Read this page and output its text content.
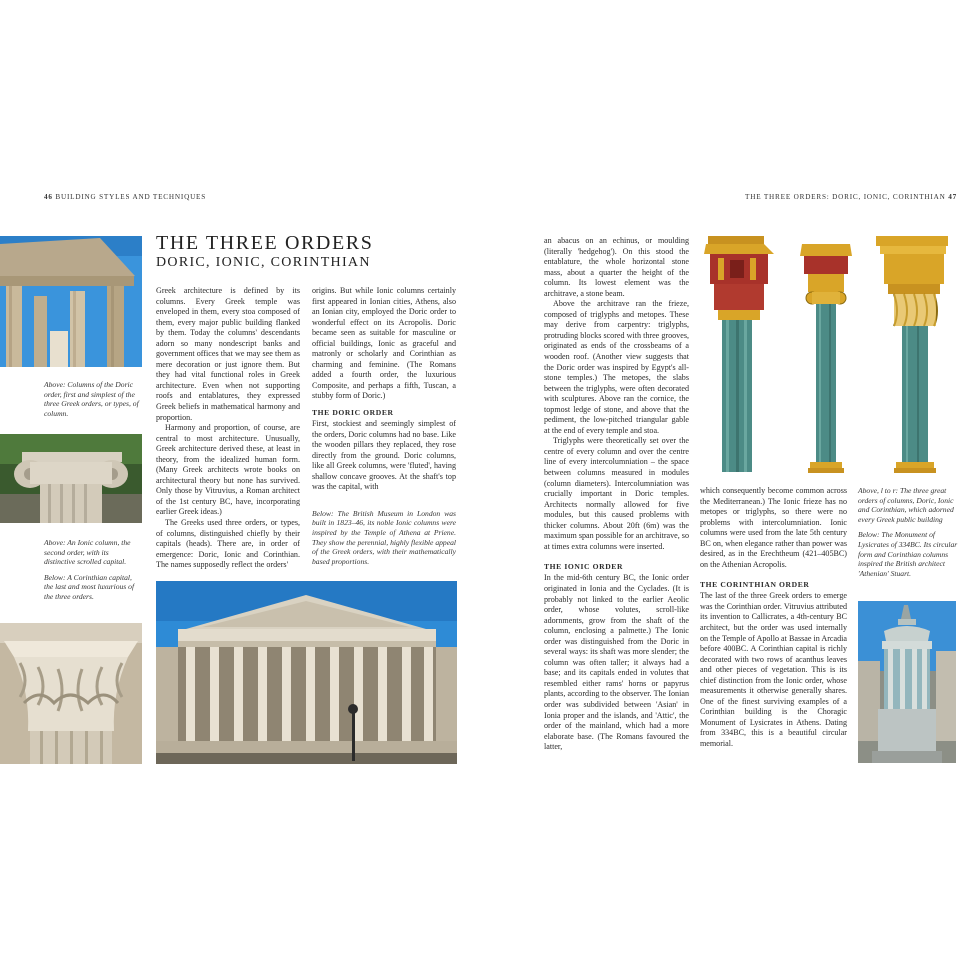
46 BUILDING STYLES AND TECHNIQUES
Above: Columns of the Doric order, first and simplest of the three Greek orders, or types, of column.

Above: An Ionic column, the second order, with its distinctive scrolled capital.

Below: A Corinthian capital, the last and most luxurious of the three orders.

THE THREE ORDERS
DORIC, IONIC, CORINTHIAN

Greek architecture is defined by its columns. Every Greek temple was enveloped in them, every stoa composed of them, every major public building flanked by them. Today the columns' descendants adorn so many nondescript banks and government offices that we may see them as mere decoration or just ignore them. But they had vital functional roles in Greek architecture. Even when not supporting roofs and entablatures, they expressed Greek beliefs in mathematical harmony and proportion.

Harmony and proportion, of course, are central to most architecture. Unusually, Greek architecture derived these, at least in theory, from the idealized human form. (Many Greek architects wrote books on architectural theory but none has survived. Only those by Vitruvius, a Roman architect of the 1st century BC, have, incorporating earlier Greek ideas.)

The Greeks used three orders, or types, of columns, distinguished chiefly by their capitals (heads). There are, in order of emergence: Doric, Ionic and Corinthian. The names supposedly reflect the orders'

origins. But while Ionic columns certainly first appeared in Ionian cities, Athens, also an Ionian city, employed the Doric order to wonderful effect on its Acropolis. Doric became seen as suitable for masculine or official buildings, Ionic as graceful and matronly or scholarly and Corinthian as charming and feminine. (The Romans added a fourth order, the luxurious Composite, and perhaps a fifth, Tuscan, a stubby form of Doric.)

THE DORIC ORDER

First, stockiest and seemingly simplest of the orders, Doric columns had no base. Like the wooden pillars they replaced, they rose directly from the ground. Doric columns, like all Greek columns, were 'fluted', having shallow concave grooves. At the shaft's top was the capital, with

Below: The British Museum in London was built in 1823–46, its noble Ionic columns were inspired by the Temple of Athena at Priene. They show the perennial, highly flexible appeal of the Greek orders, with their mathematically based proportions.
THE THREE ORDERS: DORIC, IONIC, CORINTHIAN 47

an abacus on an echinus, or moulding (literally 'hedgehog'). On this stood the entablature, the whole horizontal stone mass, about a quarter the height of the column. Its lowest element was the architrave, a stone beam.

Above the architrave ran the frieze, composed of triglyphs and metopes. These may derive from carpentry: triglyphs, protruding blocks scored with three grooves, originated as ends of the crossbeams of a wooden roof. (Another view suggests that the Doric order was inspired by Egypt's all-stone temples.) The metopes, the slabs between the triglyphs, were often decorated with sculptures. Above ran the cornice, the topmost ledge of stone, and above that the pediment, the low-pitched triangular gable at the end of every temple and stoa.

Triglyphs were theoretically set over the centre of every column and over the centre line of every intercolumniation – the space between columns measured in modules (column diameters). Intercolumniation was crucially important in Doric temples. Architects normally allowed for five modules, but this caused problems with thicker columns. About 20ft (6m) was the maximum span possible for an architrave, so at times extra columns were inserted.

THE IONIC ORDER

In the mid-6th century BC, the Ionic order originated in Ionia and the Cyclades. (It is probably not linked to the earlier Aeolic order, whose volutes, scroll-like adornments, grow from the shaft of the column, enclosing a palmette.) The Ionic order was distinguished from the Doric in several ways: its shaft was more slender; the column was often taller; it always had a base; and its capitals ended in volutes that resembled either rams' horns or papyrus plants, according to the observer. The Ionian order was subdivided between 'Asian' in Ionia proper and the islands, and 'Attic', the order of the mainland, which had a more elaborate base. (The Romans favoured the latter,

which consequently become common across the Mediterranean.) The Ionic frieze has no metopes or triglyphs, so there were no problems with intercolumniation. Ionic columns were used from the late 5th century BC on, when elegance rather than power was desired, as in the Erechtheum (421–405BC) on the Athenian Acropolis.

THE CORINTHIAN ORDER

The last of the three Greek orders to emerge was the Corinthian order. Vitruvius attributed its invention to Callicrates, a 4th-century BC architect, but the order was used internally on the Temple of Apollo at Bassae in Arcadia before 400BC. A Corinthian capital is richly decorated with two rows of acanthus leaves and other pieces of vegetation. This is its chief distinction from the Ionic order, whose measurements it otherwise generally shares. One of the finest surviving examples of a Corinthian building is the Choragic Monument of Lysicrates in Athens. Dating from 334BC, this is a beautiful circular memorial.

Above, l to r: The three great orders of columns, Doric, Ionic and Corinthian, which adorned every Greek public building

Below: The Monument of Lysicrates of 334BC. Its circular form and Corinthian columns inspired the British architect 'Athenian' Stuart.
